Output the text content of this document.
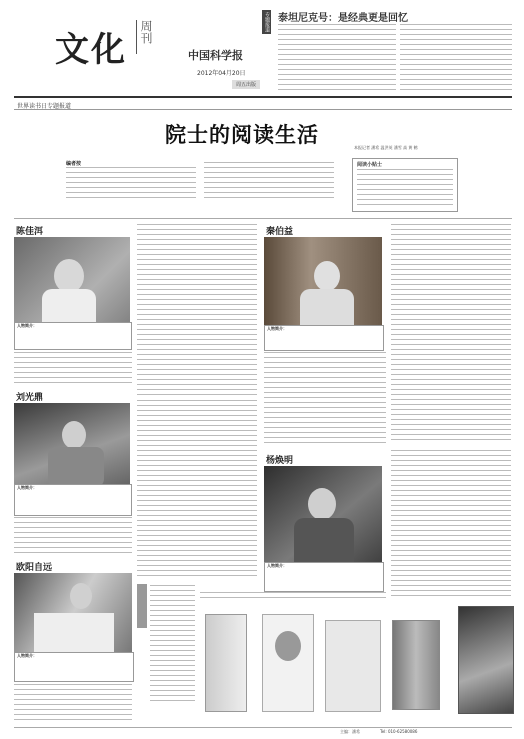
文化 周刊
中国科学报
2012年04月20日
周五出版
专题报道 泰坦尼克号：是经典更是回忆
世界读书日专题报道
院士的阅读生活
本报记者 潘希 温洪英 潘雪 高 黄 鹤
编者按	阅读小贴士
陈佳洱
人物简介：
刘光鼎
人物简介：
欧阳自远
人物简介：
秦伯益
人物简介：
杨焕明
人物简介：
主编：潘希	Tel: 010-62580086
